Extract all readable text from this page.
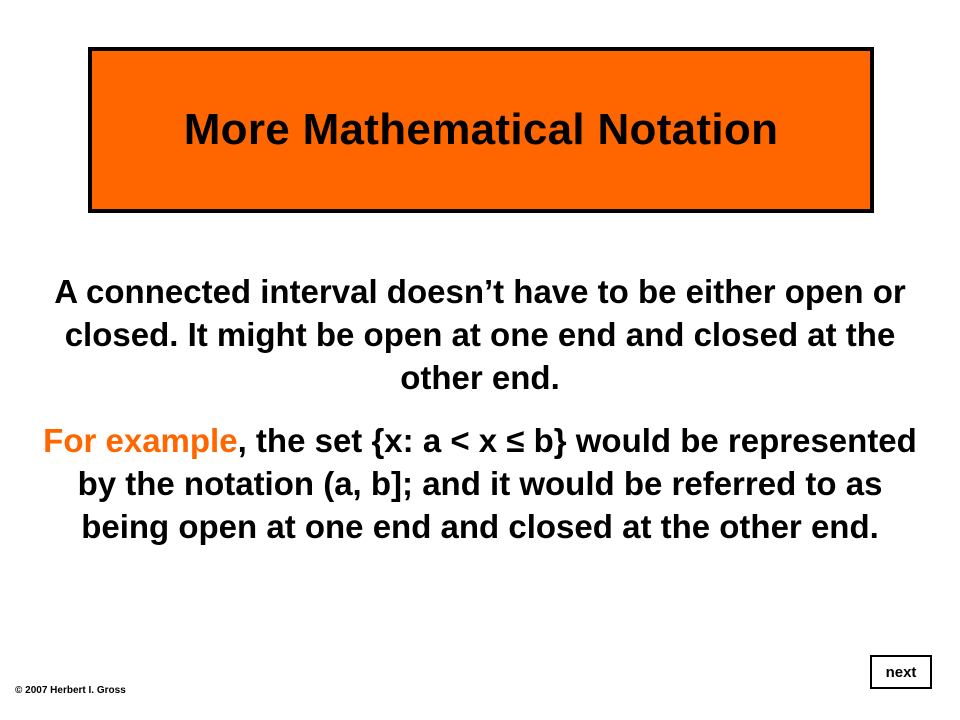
More Mathematical Notation
A connected interval doesn’t have to be either open or closed. It might be open at one end and closed at the other end.
For example, the set {x: a < x ≤ b} would be represented by the notation (a, b]; and it would be referred to as being open at one end and closed at the other end.
© 2007 Herbert I. Gross
next
